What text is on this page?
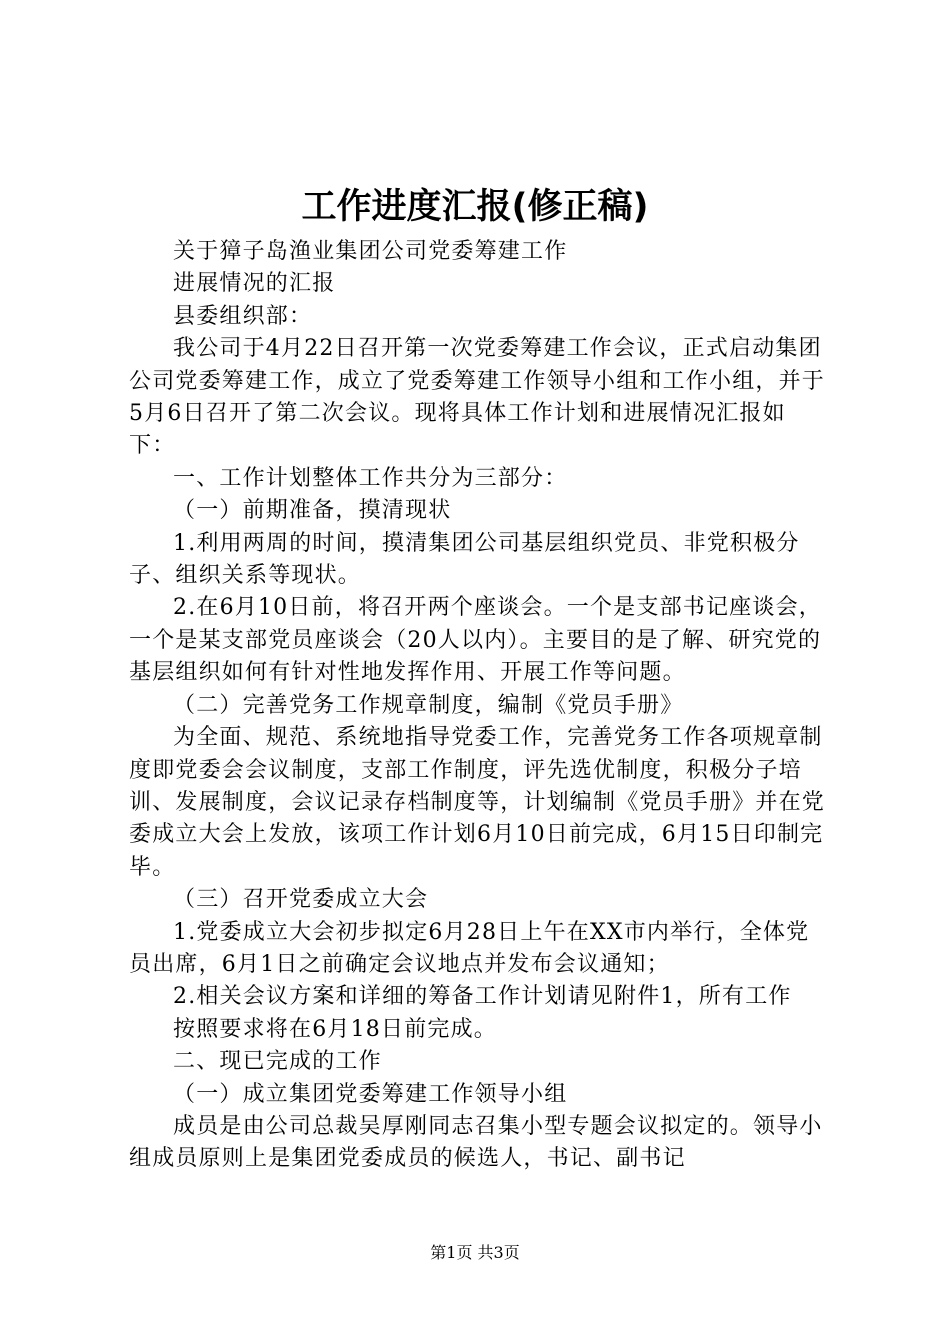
工作进度汇报(修正稿)

关于獐子岛渔业集团公司党委筹建工作

进展情况的汇报

县委组织部：

我公司于4月22日召开第一次党委筹建工作会议，正式启动集团公司党委筹建工作，成立了党委筹建工作领导小组和工作小组，并于5月6日召开了第二次会议。现将具体工作计划和进展情况汇报如下：

一、工作计划整体工作共分为三部分：

（一）前期准备，摸清现状

1.利用两周的时间，摸清集团公司基层组织党员、非党积极分子、组织关系等现状。

2.在6月10日前，将召开两个座谈会。一个是支部书记座谈会，一个是某支部党员座谈会（20人以内）。主要目的是了解、研究党的基层组织如何有针对性地发挥作用、开展工作等问题。

（二）完善党务工作规章制度，编制《党员手册》

为全面、规范、系统地指导党委工作，完善党务工作各项规章制度即党委会会议制度，支部工作制度，评先选优制度，积极分子培训、发展制度，会议记录存档制度等，计划编制《党员手册》并在党委成立大会上发放，该项工作计划6月10日前完成，6月15日印制完毕。

（三）召开党委成立大会

1.党委成立大会初步拟定6月28日上午在XX市内举行，全体党员出席，6月1日之前确定会议地点并发布会议通知；

2.相关会议方案和详细的筹备工作计划请见附件1，所有工作

按照要求将在6月18日前完成。

二、现已完成的工作

（一）成立集团党委筹建工作领导小组

成员是由公司总裁吴厚刚同志召集小型专题会议拟定的。领导小组成员原则上是集团党委成员的候选人，书记、副书记

第1页 共3页
